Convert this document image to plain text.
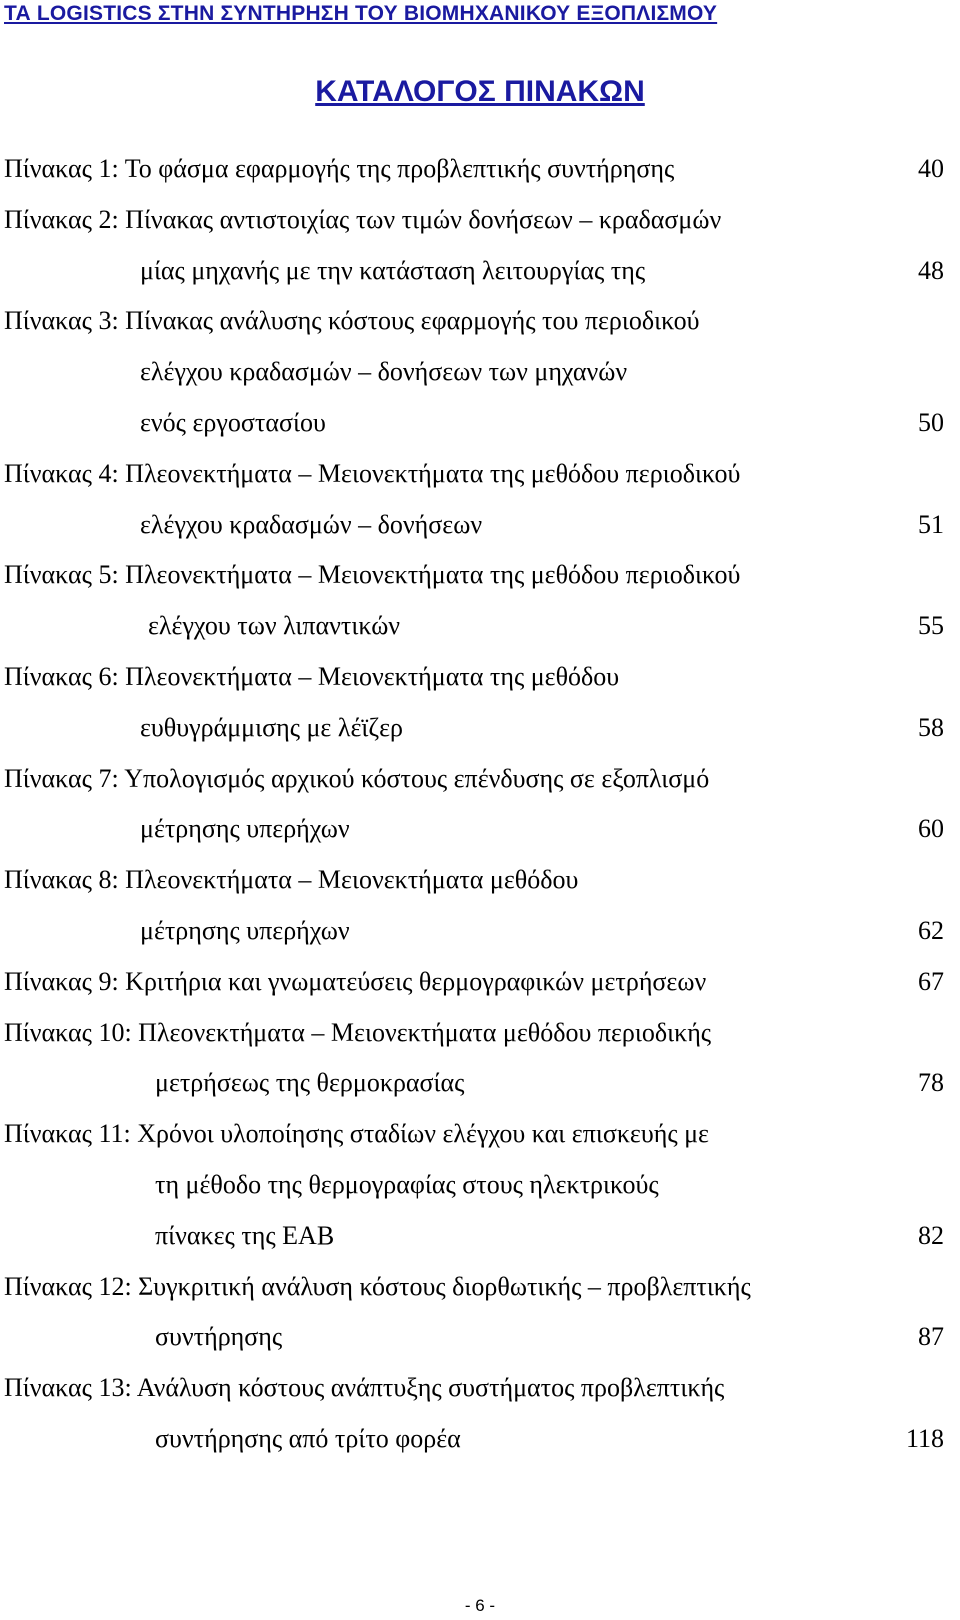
ΤΑ LOGISTICS ΣΤΗΝ ΣΥΝΤΗΡΗΣΗ ΤΟΥ ΒΙΟΜΗΧΑΝΙΚΟΥ ΕΞΟΠΛΙΣΜΟΥ
ΚΑΤΑΛΟΓΟΣ ΠΙΝΑΚΩΝ
Πίνακας 1: Το φάσμα εφαρμογής της προβλεπτικής συντήρησης	40
Πίνακας 2: Πίνακας αντιστοιχίας των τιμών δονήσεων – κραδασμών
μίας μηχανής με την κατάσταση λειτουργίας της	48
Πίνακας 3: Πίνακας ανάλυσης κόστους εφαρμογής του περιοδικού
ελέγχου κραδασμών – δονήσεων των μηχανών
ενός εργοστασίου	50
Πίνακας 4: Πλεονεκτήματα – Μειονεκτήματα της μεθόδου περιοδικού
ελέγχου κραδασμών – δονήσεων	51
Πίνακας 5: Πλεονεκτήματα – Μειονεκτήματα της μεθόδου περιοδικού
ελέγχου των λιπαντικών	55
Πίνακας 6: Πλεονεκτήματα – Μειονεκτήματα της μεθόδου
ευθυγράμμισης με λέϊζερ	58
Πίνακας 7: Υπολογισμός αρχικού κόστους επένδυσης σε εξοπλισμό
μέτρησης υπερήχων	60
Πίνακας 8: Πλεονεκτήματα – Μειονεκτήματα μεθόδου
μέτρησης υπερήχων	62
Πίνακας 9: Κριτήρια και γνωματεύσεις θερμογραφικών μετρήσεων	67
Πίνακας 10: Πλεονεκτήματα – Μειονεκτήματα μεθόδου περιοδικής
μετρήσεως της θερμοκρασίας	78
Πίνακας 11: Χρόνοι υλοποίησης σταδίων ελέγχου και επισκευής με
τη μέθοδο της θερμογραφίας στους ηλεκτρικούς
πίνακες της ΕΑΒ	82
Πίνακας 12: Συγκριτική ανάλυση κόστους διορθωτικής – προβλεπτικής
συντήρησης	87
Πίνακας 13: Ανάλυση κόστους ανάπτυξης συστήματος προβλεπτικής
συντήρησης από τρίτο φορέα	118
- 6 -
